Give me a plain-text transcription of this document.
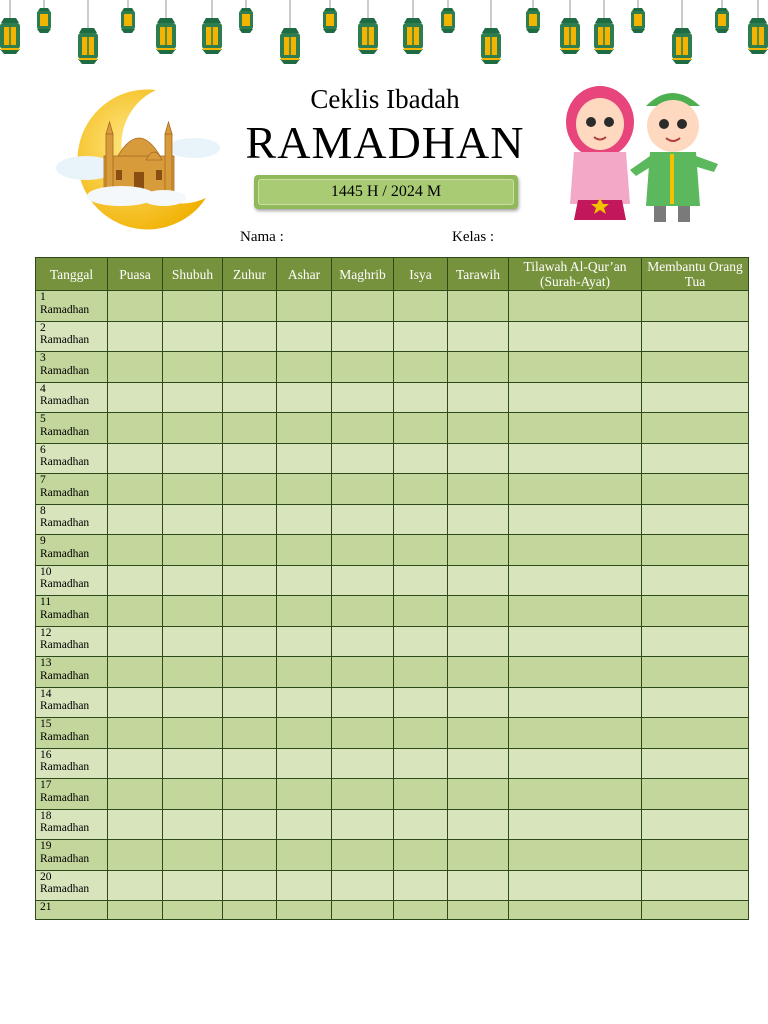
Ceklis Ibadah
RAMADHAN
1445 H / 2024 M
Nama :	Kelas :
Tanggal	Puasa	Shubuh	Zuhur	Ashar	Maghrib	Isya	Tarawih	Tilawah Al-Qur’an (Surah-Ayat)	Membantu Orang Tua

1
Ramadhan									

2
Ramadhan									

3
Ramadhan									

4
Ramadhan									

5
Ramadhan									

6
Ramadhan									

7
Ramadhan									

8
Ramadhan									

9
Ramadhan									

10
Ramadhan									

11
Ramadhan									

12
Ramadhan									

13
Ramadhan									

14
Ramadhan									

15
Ramadhan									

16
Ramadhan									

17
Ramadhan									

18
Ramadhan									

19
Ramadhan									

20
Ramadhan									

21									
